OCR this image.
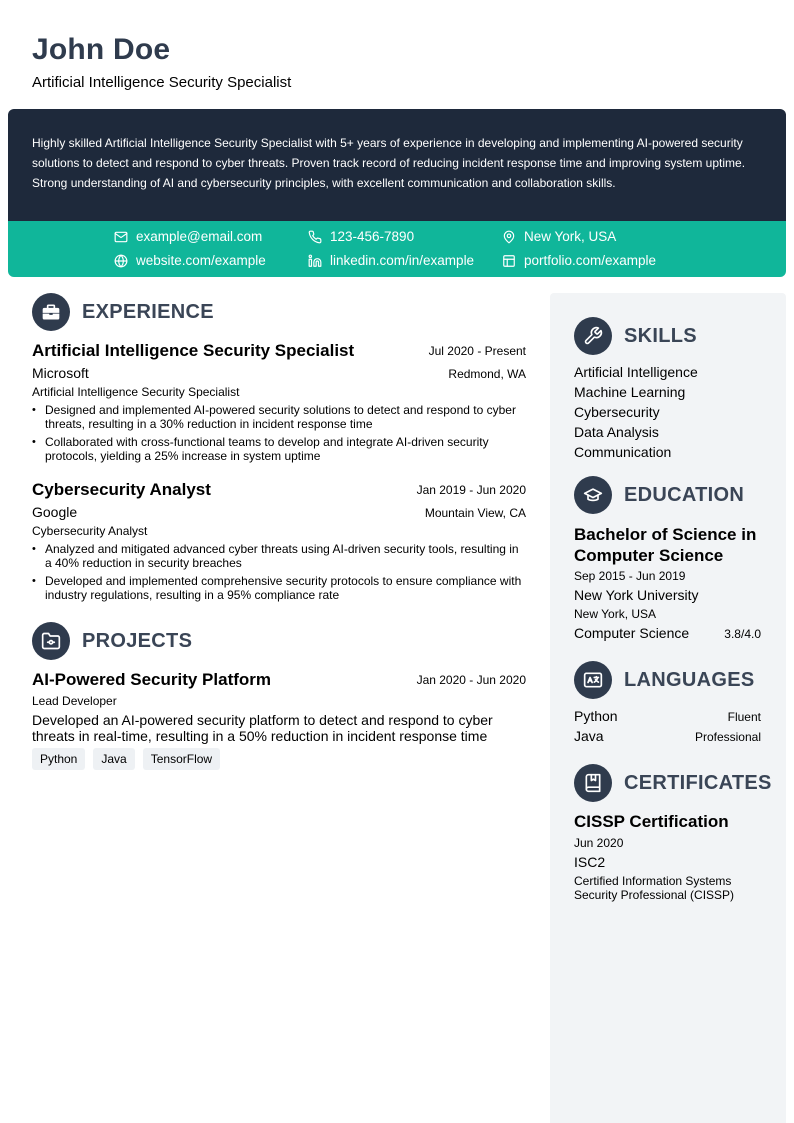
John Doe
Artificial Intelligence Security Specialist

Highly skilled Artificial Intelligence Security Specialist with 5+ years of experience in developing and implementing AI-powered security solutions to detect and respond to cyber threats. Proven track record of reducing incident response time and improving system uptime. Strong understanding of AI and cybersecurity principles, with excellent communication and collaboration skills.

example@email.com	123-456-7890	New York, USA
website.com/example	linkedin.com/in/example	portfolio.com/example
EXPERIENCE
Artificial Intelligence Security Specialist	Jul 2020 - Present
Microsoft	Redmond, WA
Artificial Intelligence Security Specialist
• Designed and implemented AI-powered security solutions to detect and respond to cyber threats, resulting in a 30% reduction in incident response time
• Collaborated with cross-functional teams to develop and integrate AI-driven security protocols, yielding a 25% increase in system uptime
Cybersecurity Analyst	Jan 2019 - Jun 2020
Google	Mountain View, CA
Cybersecurity Analyst
• Analyzed and mitigated advanced cyber threats using AI-driven security tools, resulting in a 40% reduction in security breaches
• Developed and implemented comprehensive security protocols to ensure compliance with industry regulations, resulting in a 95% compliance rate
PROJECTS
AI-Powered Security Platform	Jan 2020 - Jun 2020
Lead Developer
Developed an AI-powered security platform to detect and respond to cyber threats in real-time, resulting in a 50% reduction in incident response time
Python	Java	TensorFlow
SKILLS
Artificial Intelligence
Machine Learning
Cybersecurity
Data Analysis
Communication
EDUCATION
Bachelor of Science in Computer Science
Sep 2015 - Jun 2019
New York University
New York, USA
Computer Science	3.8/4.0
LANGUAGES
Python	Fluent
Java	Professional
CERTIFICATES
CISSP Certification
Jun 2020
ISC2
Certified Information Systems Security Professional (CISSP)
